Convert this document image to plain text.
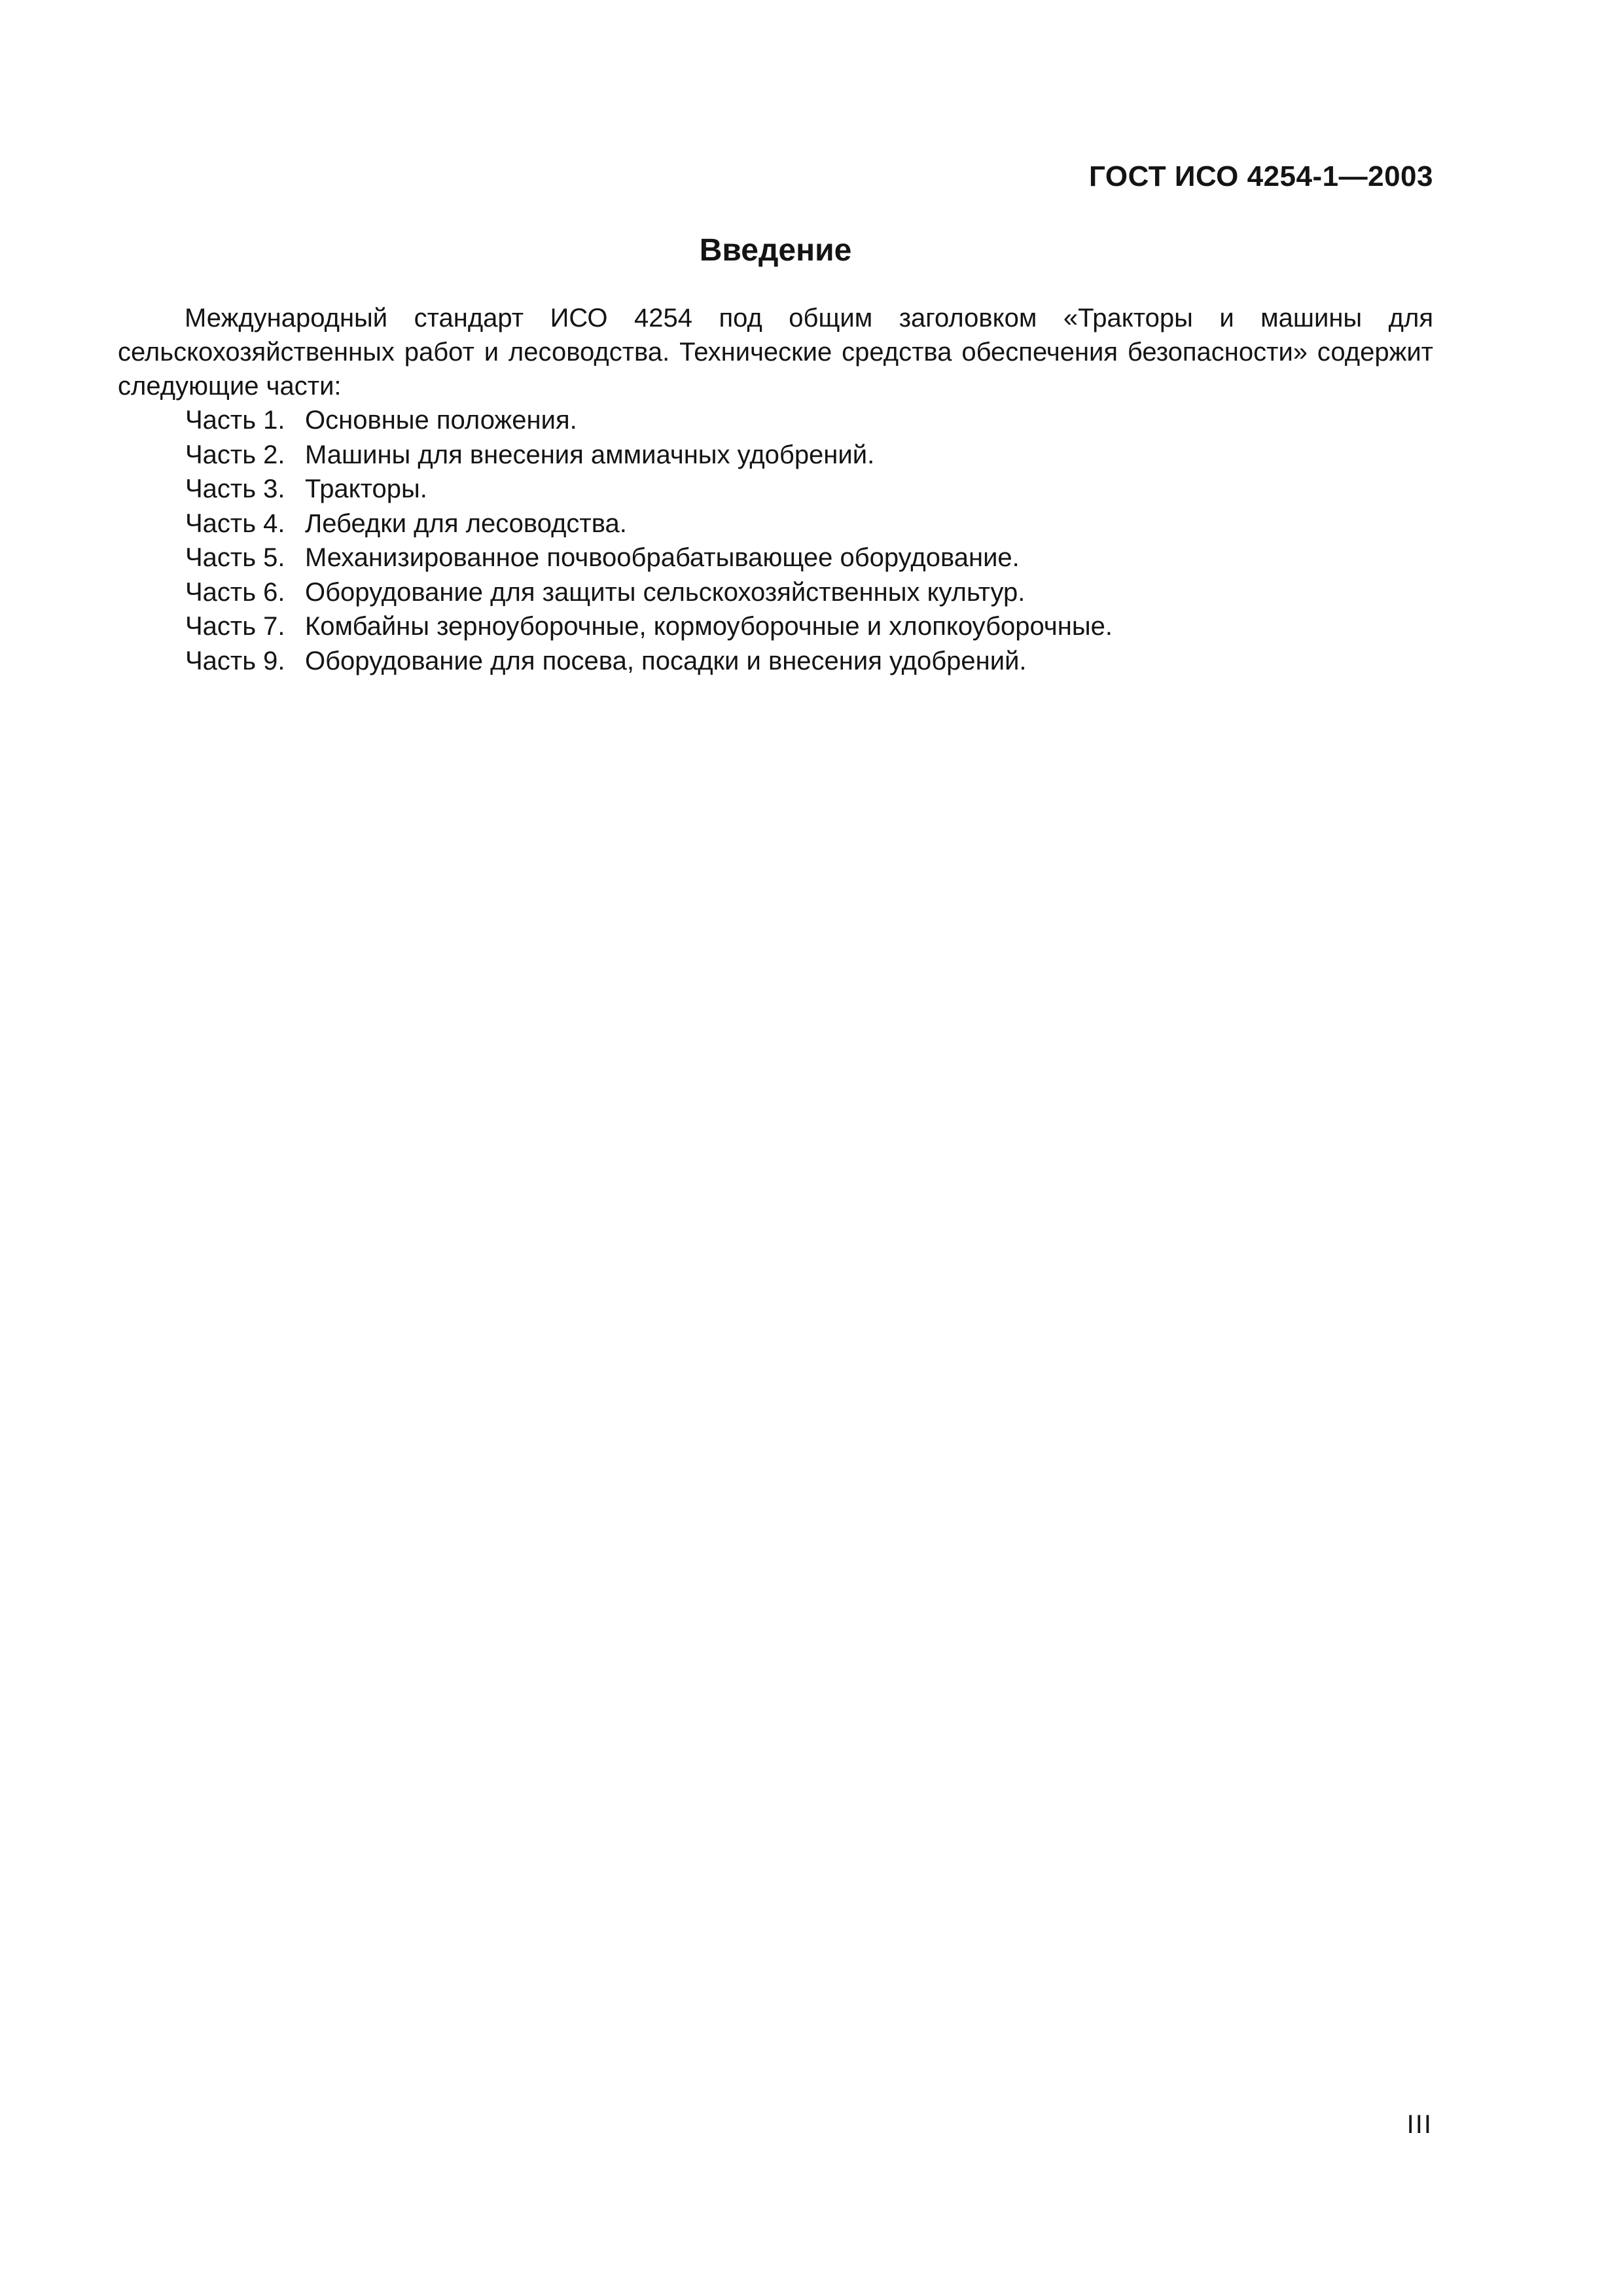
ГОСТ ИСО 4254-1—2003
Введение

Международный стандарт ИСО 4254 под общим заголовком «Тракторы и машины для сельскохозяйственных работ и лесоводства. Технические средства обеспечения безопасности» содержит следующие части:

Часть 1. Основные положения.
Часть 2. Машины для внесения аммиачных удобрений.
Часть 3. Тракторы.
Часть 4. Лебедки для лесоводства.
Часть 5. Механизированное почвообрабатывающее оборудование.
Часть 6. Оборудование для защиты сельскохозяйственных культур.
Часть 7. Комбайны зерноуборочные, кормоуборочные и хлопкоуборочные.
Часть 9. Оборудование для посева, посадки и внесения удобрений.
III
